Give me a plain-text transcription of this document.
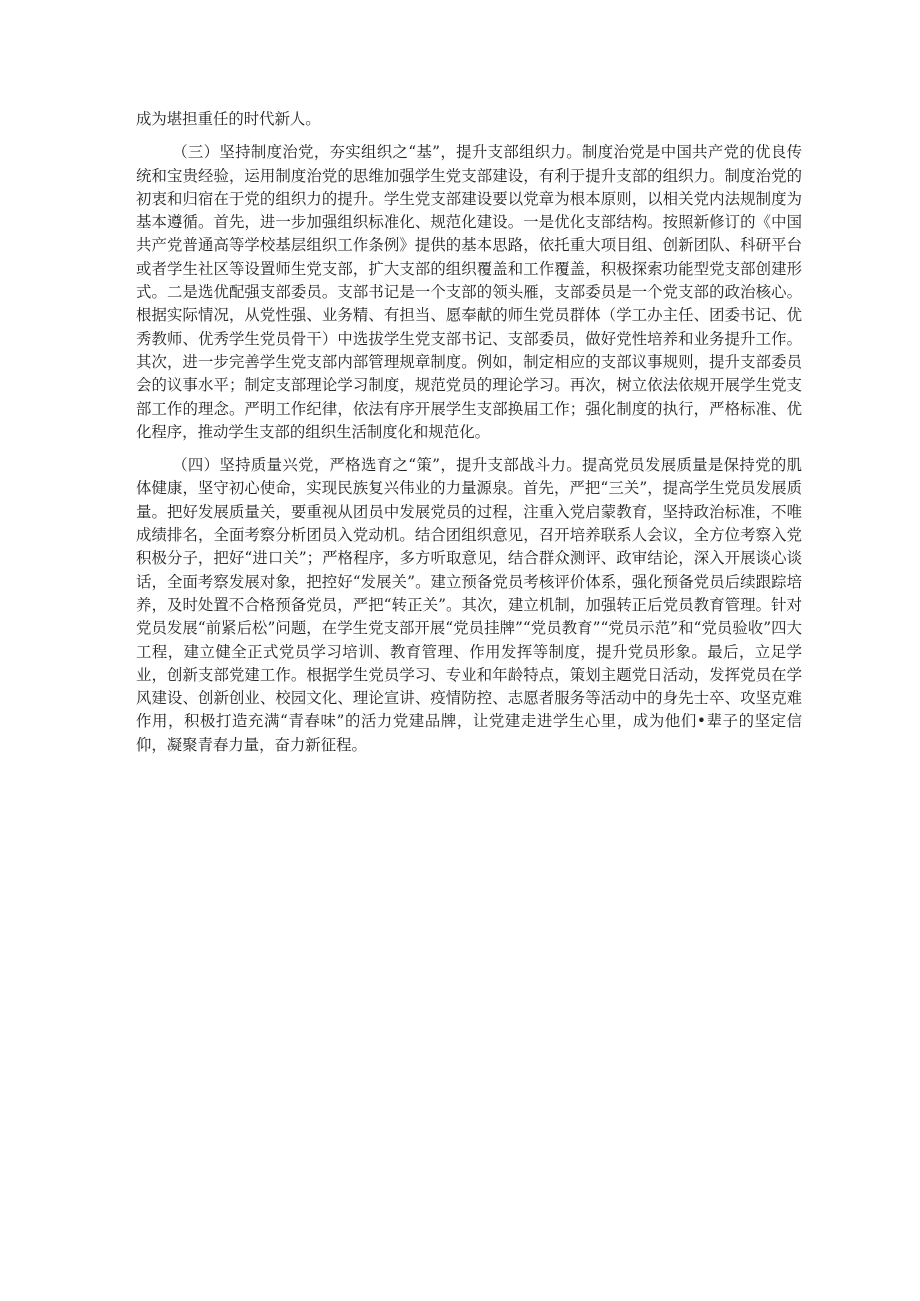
成为堪担重任的时代新人。

（三）坚持制度治党，夯实组织之“基”，提升支部组织力。制度治党是中国共产党的优良传统和宝贵经验，运用制度治党的思维加强学生党支部建设，有利于提升支部的组织力。制度治党的初衷和归宿在于党的组织力的提升。学生党支部建设要以党章为根本原则，以相关党内法规制度为基本遵循。首先，进一步加强组织标准化、规范化建设。一是优化支部结构。按照新修订的《中国共产党普通高等学校基层组织工作条例》提供的基本思路，依托重大项目组、创新团队、科研平台或者学生社区等设置师生党支部，扩大支部的组织覆盖和工作覆盖，积极探索功能型党支部创建形式。二是选优配强支部委员。支部书记是一个支部的领头雁，支部委员是一个党支部的政治核心。根据实际情况，从党性强、业务精、有担当、愿奉献的师生党员群体（学工办主任、团委书记、优秀教师、优秀学生党员骨干）中选拔学生党支部书记、支部委员，做好党性培养和业务提升工作。其次，进一步完善学生党支部内部管理规章制度。例如，制定相应的支部议事规则，提升支部委员会的议事水平；制定支部理论学习制度，规范党员的理论学习。再次，树立依法依规开展学生党支部工作的理念。严明工作纪律，依法有序开展学生支部换届工作；强化制度的执行，严格标准、优化程序，推动学生支部的组织生活制度化和规范化。

（四）坚持质量兴党，严格选育之“策”，提升支部战斗力。提高党员发展质量是保持党的肌体健康，坚守初心使命，实现民族复兴伟业的力量源泉。首先，严把“三关”，提高学生党员发展质量。把好发展质量关，要重视从团员中发展党员的过程，注重入党启蒙教育，坚持政治标准，不唯成绩排名，全面考察分析团员入党动机。结合团组织意见，召开培养联系人会议，全方位考察入党积极分子，把好“进口关”；严格程序，多方听取意见，结合群众测评、政审结论，深入开展谈心谈话，全面考察发展对象，把控好“发展关”。建立预备党员考核评价体系，强化预备党员后续跟踪培养，及时处置不合格预备党员，严把“转正关”。其次，建立机制，加强转正后党员教育管理。针对党员发展“前紧后松”问题，在学生党支部开展“党员挂牌”“党员教育”“党员示范”和“党员验收”四大工程，建立健全正式党员学习培训、教育管理、作用发挥等制度，提升党员形象。最后，立足学业，创新支部党建工作。根据学生党员学习、专业和年龄特点，策划主题党日活动，发挥党员在学风建设、创新创业、校园文化、理论宣讲、疫情防控、志愿者服务等活动中的身先士卒、攻坚克难作用，积极打造充满“青春味”的活力党建品牌，让党建走进学生心里，成为他们•辈子的坚定信仰，凝聚青春力量，奋力新征程。
